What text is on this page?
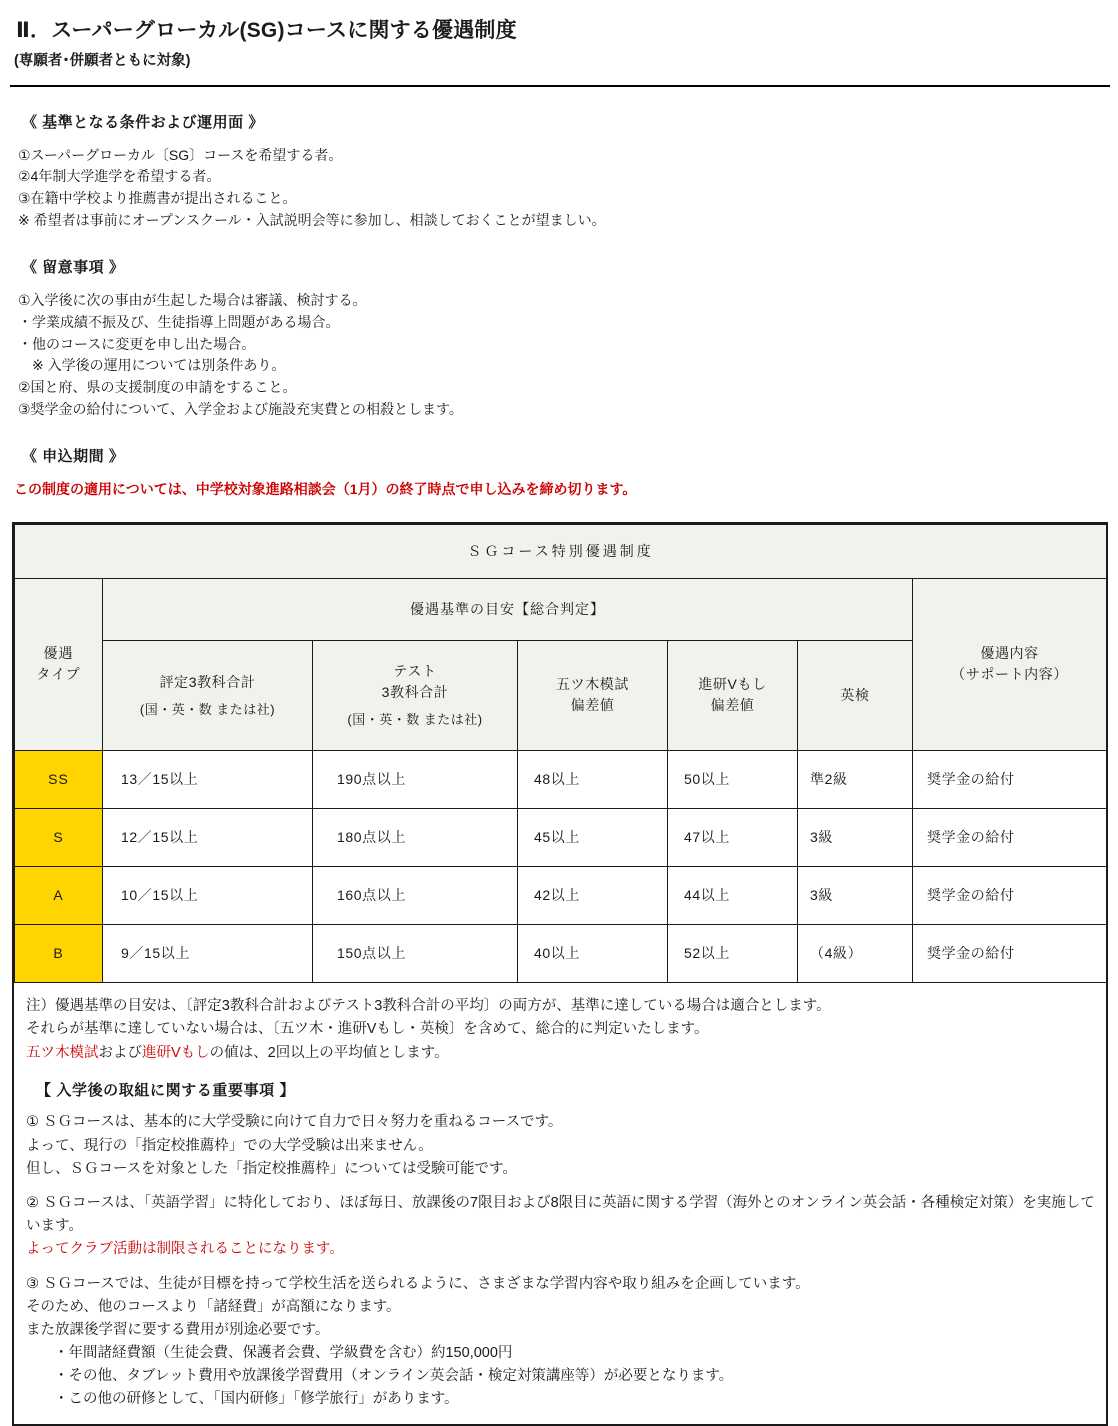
Ⅱ．スーパーグローカル(SG)コースに関する優遇制度
(専願者･併願者ともに対象)
《 基準となる条件および運用面 》
①スーパーグローカル〔SG〕コースを希望する者。
②4年制大学進学を希望する者。
③在籍中学校より推薦書が提出されること。
※ 希望者は事前にオープンスクール・入試説明会等に参加し、相談しておくことが望ましい。
《 留意事項 》
①入学後に次の事由が生起した場合は審議、検討する。
・学業成績不振及び、生徒指導上問題がある場合。
・他のコースに変更を申し出た場合。
　※ 入学後の運用については別条件あり。
②国と府、県の支援制度の申請をすること。
③奨学金の給付について、入学金および施設充実費との相殺とします。
《 申込期間 》
この制度の適用については、中学校対象進路相談会（1月）の終了時点で申し込みを締め切ります。
ＳＧコース特別優遇制度						

優遇
タイプ	優遇基準の目安【総合判定】					優遇内容
（サポート内容）

	評定3教科合計
(国・英・数 または社)	テスト
3教科合計
(国・英・数 または社)	五ツ木模試
偏差値	進研Vもし
偏差値	英検	
SS	13／15以上	190点以上	48以上	50以上	準2級	奨学金の給付
S	12／15以上	180点以上	45以上	47以上	3級	奨学金の給付
A	10／15以上	160点以上	42以上	44以上	3級	奨学金の給付
B	9／15以上	150点以上	40以上	52以上	（4級）	奨学金の給付
注）優遇基準の目安は、〔評定3教科合計およびテスト3教科合計の平均〕の両方が、基準に達している場合は適合とします。
それらが基準に達していない場合は、〔五ツ木・進研Vもし・英検〕を含めて、総合的に判定いたします。
五ツ木模試および進研Vもしの値は、2回以上の平均値とします。
【 入学後の取組に関する重要事項 】
① ＳＧコースは、基本的に大学受験に向けて自力で日々努力を重ねるコースです。
よって、現行の「指定校推薦枠」での大学受験は出来ません。
但し、ＳＧコースを対象とした「指定校推薦枠」については受験可能です。
② ＳＧコースは、「英語学習」に特化しており、ほぼ毎日、放課後の7限目および8限目に英語に関する学習（海外とのオンライン英会話・各種検定対策）を実施しています。
よってクラブ活動は制限されることになります。
③ ＳＧコースでは、生徒が目標を持って学校生活を送られるように、さまざまな学習内容や取り組みを企画しています。
そのため、他のコースより「諸経費」が高額になります。
また放課後学習に要する費用が別途必要です。
・年間諸経費額（生徒会費、保護者会費、学級費を含む）約150,000円
・その他、タブレット費用や放課後学習費用（オンライン英会話・検定対策講座等）が必要となります。
・この他の研修として、「国内研修」「修学旅行」があります。
